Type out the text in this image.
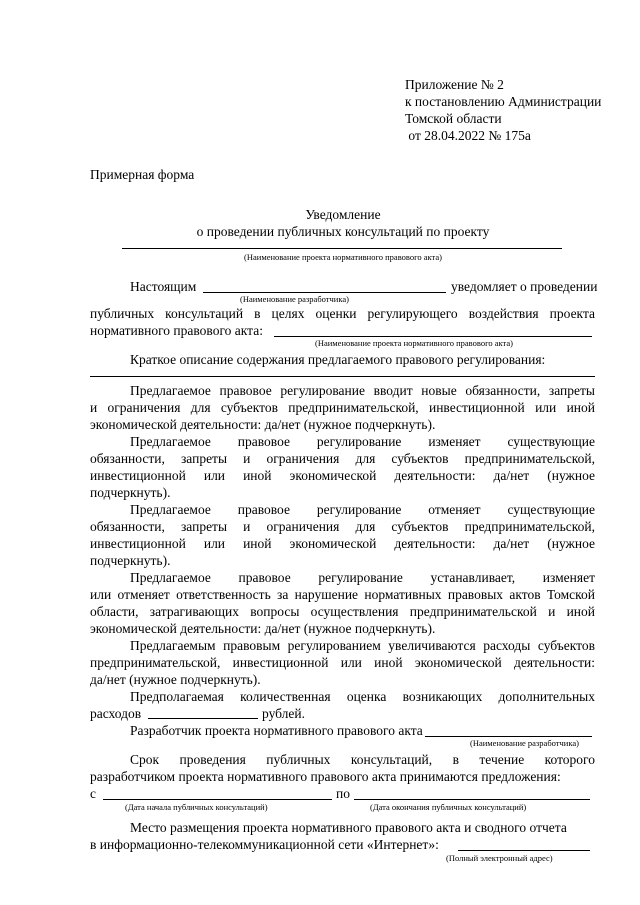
Приложение № 2
к постановлению Администрации
Томской области
от 28.04.2022 № 175а
Примерная форма
Уведомление
о проведении публичных консультаций по проекту
(Наименование проекта нормативного правового акта)
Настоящим	уведомляет о проведении
(Наименование разработчика)
публичных консультаций в целях оценки регулирующего воздействия проекта
нормативного правового акта:
(Наименование проекта нормативного правового акта)
Краткое описание содержания предлагаемого правового регулирования:
Предлагаемое правовое регулирование вводит новые обязанности, запреты
и ограничения для субъектов предпринимательской, инвестиционной или иной
экономической деятельности: да/нет (нужное подчеркнуть).
Предлагаемое правовое регулирование изменяет существующие
обязанности, запреты и ограничения для субъектов предпринимательской,
инвестиционной или иной экономической деятельности: да/нет (нужное
подчеркнуть).
Предлагаемое правовое регулирование отменяет существующие
обязанности, запреты и ограничения для субъектов предпринимательской,
инвестиционной или иной экономической деятельности: да/нет (нужное
подчеркнуть).
Предлагаемое правовое регулирование устанавливает, изменяет
или отменяет ответственность за нарушение нормативных правовых актов Томской
области, затрагивающих вопросы осуществления предпринимательской и иной
экономической деятельности: да/нет (нужное подчеркнуть).
Предлагаемым правовым регулированием увеличиваются расходы субъектов
предпринимательской, инвестиционной или иной экономической деятельности:
да/нет (нужное подчеркнуть).
Предполагаемая количественная оценка возникающих дополнительных
расходов	рублей.
Разработчик проекта нормативного правового акта
(Наименование разработчика)
Срок проведения публичных консультаций, в течение которого
разработчиком проекта нормативного правового акта принимаются предложения:
с	по
(Дата начала публичных консультаций)	(Дата окончания публичных консультаций)
Место размещения проекта нормативного правового акта и сводного отчета
в информационно-телекоммуникационной сети «Интернет»:
(Полный электронный адрес)
